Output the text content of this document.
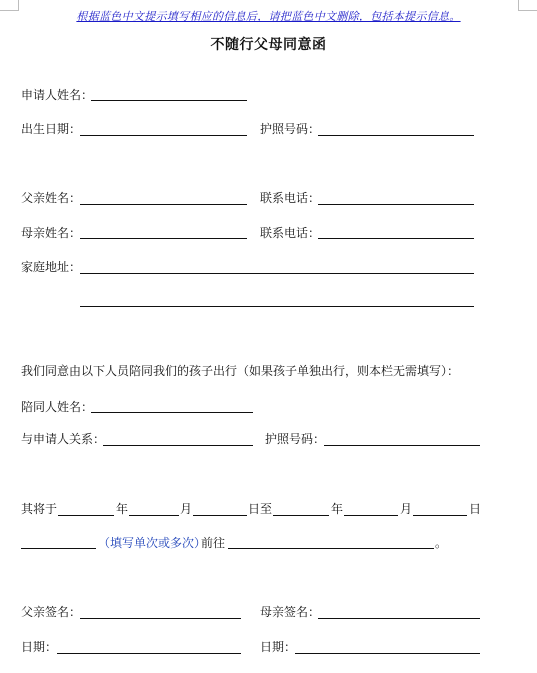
根据蓝色中文提示填写相应的信息后，请把蓝色中文删除，包括本提示信息。
不随行父母同意函
申请人姓名：
出生日期：	护照号码：
父亲姓名：	联系电话：
母亲姓名：	联系电话：
家庭地址：
我们同意由以下人员陪同我们的孩子出行（如果孩子单独出行，则本栏无需填写）：
陪同人姓名：
与申请人关系：	护照号码：
其将于	年	月	日至	年	月	日
（填写单次或多次）
前往	。
父亲签名：	母亲签名：
日期：	日期：
